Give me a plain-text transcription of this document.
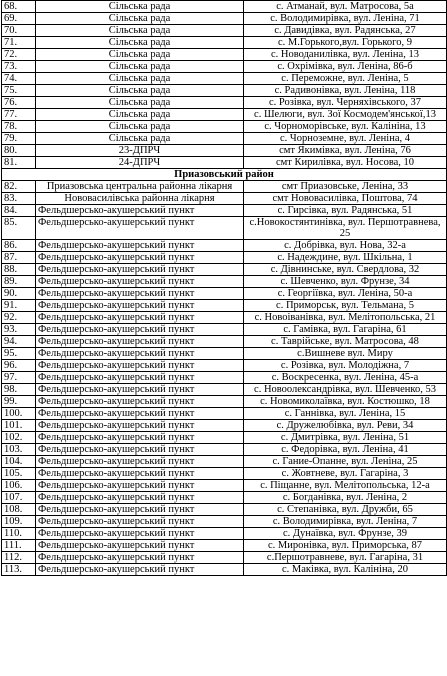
68.	Сільська рада	с. Атманай, вул. Матросова, 5а
69.	Сільська рада	с. Володимирівка, вул. Леніна, 71
70.	Сільська рада	с. Давидівка, вул. Радянська, 27
71.	Сільська рада	с. М.Горького,вул. Горького, 9
72.	Сільська рада	с. Новоданилівка, вул. Леніна, 13
73.	Сільська рада	с. Охрімівка, вул. Леніна, 86-б
74.	Сільська рада	с. Переможне, вул. Леніна, 5
75.	Сільська рада	с. Радивонівка, вул. Леніна, 118
76.	Сільська рада	с. Розівка, вул. Черняхівського, 37
77.	Сільська рада	с. Шелюги, вул. Зої Космодем'янської,13
78.	Сільська рада	с. Чорноморівське, вул. Калініна, 13
79.	Сільська рада	с. Чорноземне, вул. Леніна, 4
80.	23-ДПРЧ	смт Якимівка, вул. Леніна, 76
81.	24-ДПРЧ	смт Кирилівка, вул. Носова, 10
Приазовський район		
82.	Приазовська центральна районна лікарня	смт Приазовське, Леніна, 33
83.	Нововасилівська районна лікарня	смт Нововасилівка, Поштова, 74
84.	Фельдшерсько-акушерський пункт	с. Гирсівка, вул. Радянська, 51
85.	Фельдшерсько-акушерський пункт	с.Новокостянтинівка, вул. Першотравнева, 25
86.	Фельдшерсько-акушерський пункт	с. Добрівка, вул. Нова, 32-а
87.	Фельдшерсько-акушерський пункт	с. Надеждине, вул. Шкільна, 1
88.	Фельдшерсько-акушерський пункт	с. Дівнинське, вул. Свердлова, 32
89.	Фельдшерсько-акушерський пункт	с. Шевченко, вул. Фрунзе, 34
90.	Фельдшерсько-акушерський пункт	с. Георгіївка, вул. Леніна, 50-а
91.	Фельдшерсько-акушерський пункт	с. Приморськ, вул. Тельмана, 5
92.	Фельдшерсько-акушерський пункт	с. Новоіванівка, вул. Мелітопольська, 21
93.	Фельдшерсько-акушерський пункт	с. Гамівка, вул. Гагаріна, 61
94.	Фельдшерсько-акушерський пункт	с. Таврійське, вул. Матросова, 48
95.	Фельдшерсько-акушерський пункт	с.Вишневе вул. Миру
96.	Фельдшерсько-акушерський пункт	с. Розівка, вул. Молодіжна, 7
97.	Фельдшерсько-акушерський пункт	с. Воскресенка, вул. Леніна, 45-а
98.	Фельдшерсько-акушерський пункт	с. Новоолександрівка, вул. Шевченко, 53
99.	Фельдшерсько-акушерський пункт	с. Новомиколаївка, вул. Костюшко, 18
100.	Фельдшерсько-акушерський пункт	с. Ганнівка, вул. Леніна, 15
101.	Фельдшерсько-акушерський пункт	с. Дружелюбівка, вул. Реви, 34
102.	Фельдшерсько-акушерський пункт	с. Дмитрівка, вул. Леніна, 51
103.	Фельдшерсько-акушерський пункт	с. Федорівка, вул. Леніна, 41
104.	Фельдшерсько-акушерський пункт	с. Гание-Опанне, вул. Леніна, 25
105.	Фельдшерсько-акушерський пункт	с. Жовтневе, вул. Гагаріна, 3
106.	Фельдшерсько-акушерський пункт	с. Піщанне, вул. Мелітопольська, 12-а
107.	Фельдшерсько-акушерський пункт	с. Богданівка, вул. Леніна, 2
108.	Фельдшерсько-акушерський пункт	с. Степанівка, вул. Дружби, 65
109.	Фельдшерсько-акушерський пункт	с. Володимирівка, вул. Леніна, 7
110.	Фельдшерсько-акушерський пункт	с. Дунаївка, вул. Фрунзе, 39
111.	Фельдшерсько-акушерський пункт	с. Миронівка, вул. Приморська, 87
112.	Фельдшерсько-акушерський пункт	с.Першотравневе, вул. Гагаріна, 31
113.	Фельдшерсько-акушерський пункт	с. Маківка, вул. Калініна, 20
